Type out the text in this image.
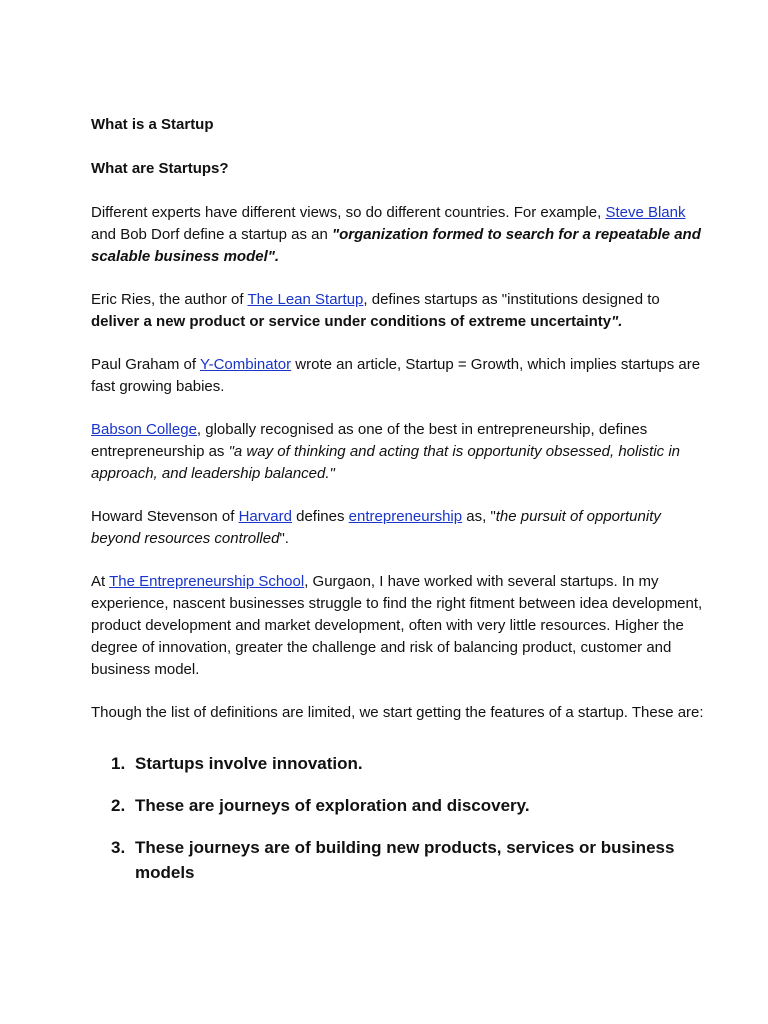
What is a Startup

What are Startups?

Different experts have different views, so do different countries. For example, Steve Blank and Bob Dorf define a startup as an "organization formed to search for a repeatable and scalable business model".

Eric Ries, the author of The Lean Startup, defines startups as "institutions designed to deliver a new product or service under conditions of extreme uncertainty".

Paul Graham of Y-Combinator wrote an article, Startup = Growth, which implies startups are fast growing babies.

Babson College, globally recognised as one of the best in entrepreneurship, defines entrepreneurship as "a way of thinking and acting that is opportunity obsessed, holistic in approach, and leadership balanced."

Howard Stevenson of Harvard defines entrepreneurship as, "the pursuit of opportunity beyond resources controlled".

At The Entrepreneurship School, Gurgaon, I have worked with several startups. In my experience, nascent businesses struggle to find the right fitment between idea development, product development and market development, often with very little resources. Higher the degree of innovation, greater the challenge and risk of balancing product, customer and business model.

Though the list of definitions are limited, we start getting the features of a startup. These are:

1. Startups involve innovation.
2. These are journeys of exploration and discovery.
3. These journeys are of building new products, services or business models
